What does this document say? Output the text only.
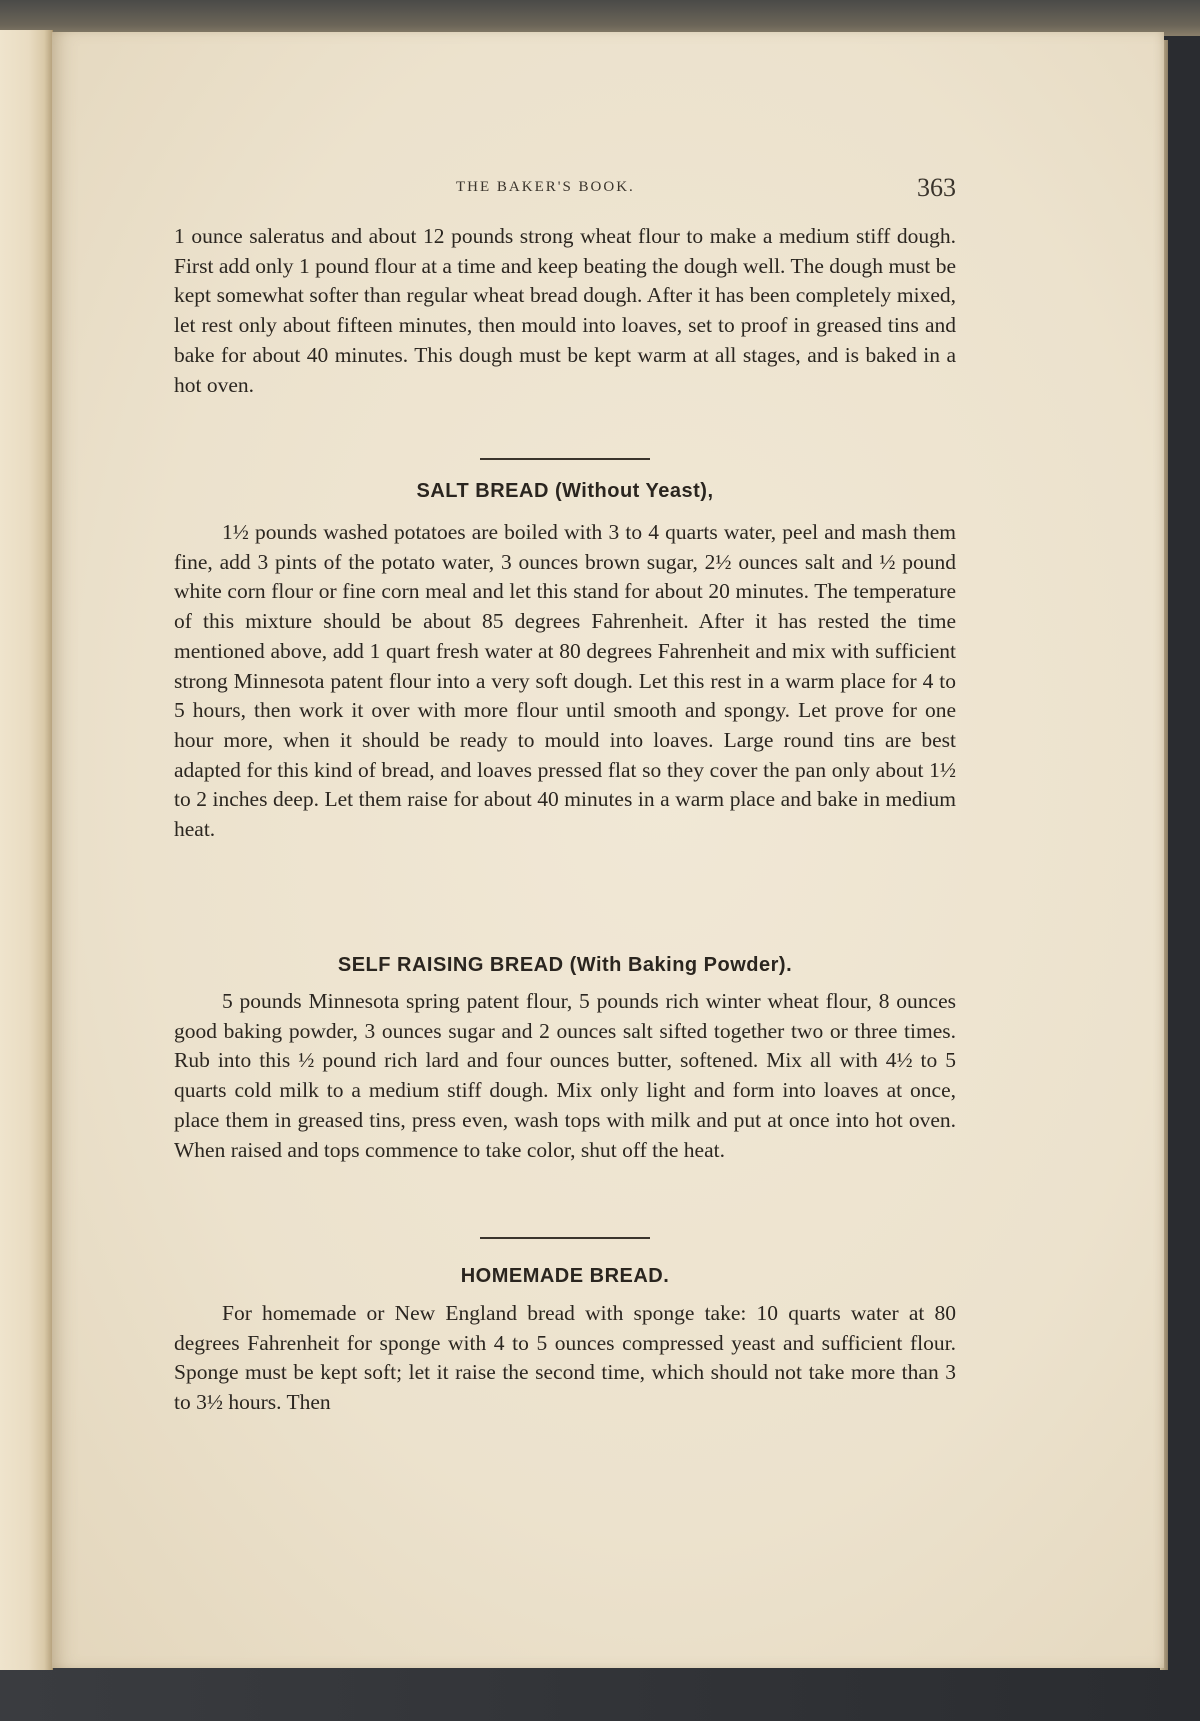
THE BAKER'S BOOK.	363

1 ounce saleratus and about 12 pounds strong wheat flour to make a medium stiff dough. First add only 1 pound flour at a time and keep beating the dough well. The dough must be kept somewhat softer than regular wheat bread dough. After it has been completely mixed, let rest only about fifteen minutes, then mould into loaves, set to proof in greased tins and bake for about 40 minutes. This dough must be kept warm at all stages, and is baked in a hot oven.

SALT BREAD (Without Yeast),

1½ pounds washed potatoes are boiled with 3 to 4 quarts water, peel and mash them fine, add 3 pints of the potato water, 3 ounces brown sugar, 2½ ounces salt and ½ pound white corn flour or fine corn meal and let this stand for about 20 minutes. The temperature of this mixture should be about 85 degrees Fahrenheit. After it has rested the time mentioned above, add 1 quart fresh water at 80 degrees Fahrenheit and mix with sufficient strong Minnesota patent flour into a very soft dough. Let this rest in a warm place for 4 to 5 hours, then work it over with more flour until smooth and spongy. Let prove for one hour more, when it should be ready to mould into loaves. Large round tins are best adapted for this kind of bread, and loaves pressed flat so they cover the pan only about 1½ to 2 inches deep. Let them raise for about 40 minutes in a warm place and bake in medium heat.

SELF RAISING BREAD (With Baking Powder).

5 pounds Minnesota spring patent flour, 5 pounds rich winter wheat flour, 8 ounces good baking powder, 3 ounces sugar and 2 ounces salt sifted together two or three times. Rub into this ½ pound rich lard and four ounces butter, softened. Mix all with 4½ to 5 quarts cold milk to a medium stiff dough. Mix only light and form into loaves at once, place them in greased tins, press even, wash tops with milk and put at once into hot oven. When raised and tops commence to take color, shut off the heat.

HOMEMADE BREAD.

For homemade or New England bread with sponge take: 10 quarts water at 80 degrees Fahrenheit for sponge with 4 to 5 ounces compressed yeast and sufficient flour. Sponge must be kept soft; let it raise the second time, which should not take more than 3 to 3½ hours. Then
